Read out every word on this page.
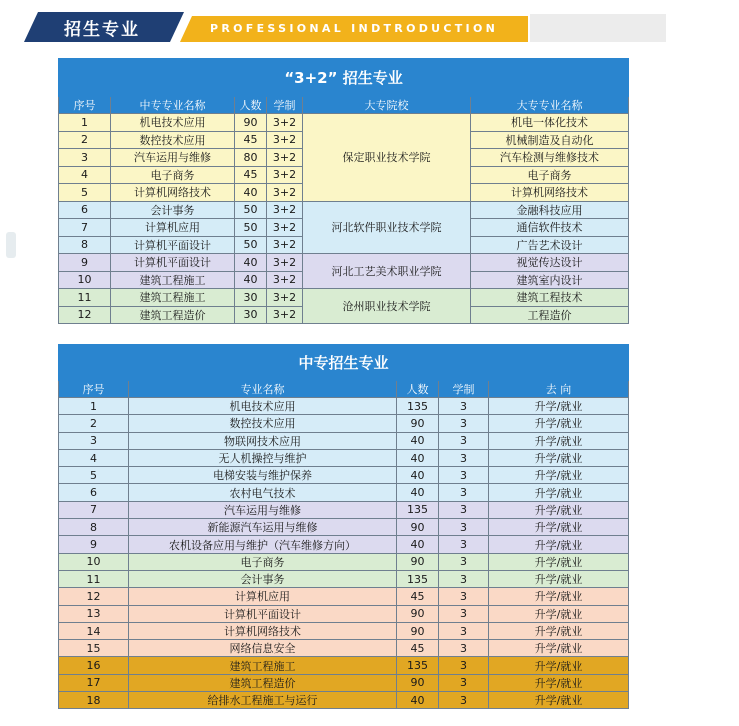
招生专业	PROFESSIONAL INDTRODUCTION
“3+2” 招生专业					
序号	中专专业名称	人数	学制	大专院校	大专专业名称
1	机电技术应用	90	3+2	保定职业技术学院	机电一体化技术
2	数控技术应用	45	3+2		机械制造及自动化
3	汽车运用与维修	80	3+2		汽车检测与维修技术
4	电子商务	45	3+2		电子商务
5	计算机网络技术	40	3+2		计算机网络技术
6	会计事务	50	3+2	河北软件职业技术学院	金融科技应用
7	计算机应用	50	3+2		通信软件技术
8	计算机平面设计	50	3+2		广告艺术设计
9	计算机平面设计	40	3+2	河北工艺美术职业学院	视觉传达设计
10	建筑工程施工	40	3+2		建筑室内设计
11	建筑工程施工	30	3+2	沧州职业技术学院	建筑工程技术
12	建筑工程造价	30	3+2		工程造价
中专招生专业				
序号	专业名称	人数	学制	去 向
1	机电技术应用	135	3	升学/就业
2	数控技术应用	90	3	升学/就业
3	物联网技术应用	40	3	升学/就业
4	无人机操控与维护	40	3	升学/就业
5	电梯安装与维护保养	40	3	升学/就业
6	农村电气技术	40	3	升学/就业
7	汽车运用与维修	135	3	升学/就业
8	新能源汽车运用与维修	90	3	升学/就业
9	农机设备应用与维护（汽车维修方向）	40	3	升学/就业
10	电子商务	90	3	升学/就业
11	会计事务	135	3	升学/就业
12	计算机应用	45	3	升学/就业
13	计算机平面设计	90	3	升学/就业
14	计算机网络技术	90	3	升学/就业
15	网络信息安全	45	3	升学/就业
16	建筑工程施工	135	3	升学/就业
17	建筑工程造价	90	3	升学/就业
18	给排水工程施工与运行	40	3	升学/就业
